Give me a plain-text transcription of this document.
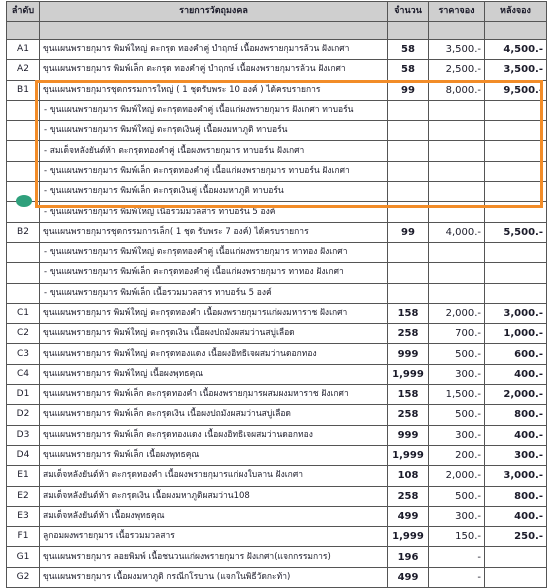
ลำดับ	รายการวัตถุมงคล	จำนวน	ราคาจอง	หลังจอง

A1	ขุนแผนพรายกุมาร พิมพ์ใหญ่ ตะกรุด ทองคำคู่ บำฤกษ์ เนื้อผงพรายกุมารล้วน ฝังเกศา	58	3,500.-	4,500.-
A2	ขุนแผนพรายกุมาร พิมพ์เล็ก ตะกรุด ทองคำคู่ บำฤกษ์ เนื้อผงพรายกุมารล้วน ฝังเกศา	58	2,500.-	3,500.-
B1	ขุนแผนพรายกุมารชุดกรรมการใหญ่ ( 1 ชุดรับพระ 10 องค์ ) ได้ครบรายการ	99	8,000.-	9,500.-
	- ขุนแผนพรายกุมาร พิมพ์ใหญ่ ตะกรุดทองคำคู่ เนื้อแก่ผงพรายกุมาร ฝังเกศา ทาบอร์น			
	- ขุนแผนพรายกุมาร พิมพ์ใหญ่ ตะกรุดเงินคู่ เนื้อผงมหาภูติ ทาบอร์น			
	- สมเด็จหลังยันต์ห้า ตะกรุดทองคำคู่ เนื้อผงพรายกุมาร ทาบอร์น ฝังเกศา			
	- ขุนแผนพรายกุมาร พิมพ์เล็ก ตะกรุดทองคำคู่ เนื้อแก่ผงพรายกุมาร ทาบอร์น ฝังเกศา			
	- ขุนแผนพรายกุมาร พิมพ์เล็ก ตะกรุดเงินคู่ เนื้อผงมหาภูติ ทาบอร์น			
	- ขุนแผนพรายกุมาร พิมพ์ใหญ่ เนื้อรวมมวลสาร ทาบอร์น 5 องค์			
B2	ขุนแผนพรายกุมารชุดกรรมการเล็ก( 1 ชุด รับพระ 7 องค์) ได้ครบรายการ	99	4,000.-	5,500.-
	- ขุนแผนพรายกุมาร พิมพ์ใหญ่ ตะกรุดทองคำคู่ เนื้อแก่ผงพรายกุมาร ทาทอง ฝังเกศา			
	- ขุนแผนพรายกุมาร พิมพ์เล็ก ตะกรุดทองคำคู่ เนื้อแก่ผงพรายกุมาร ทาทอง ฝังเกศา			
	- ขุนแผนพรายกุมาร พิมพ์เล็ก เนื้อรวมมวลสาร ทาบอร์น 5 องค์			
C1	ขุนแผนพรายกุมาร พิมพ์ใหญ่ ตะกรุดทองคำ เนื้อผงพรายกุมารแก่ผงมหาราช ฝังเกศา	158	2,000.-	3,000.-
C2	ขุนแผนพรายกุมาร พิมพ์ใหญ่ ตะกรุดเงิน เนื้อผงปถมังผสมว่านสบู่เลือด	258	700.-	1,000.-
C3	ขุนแผนพรายกุมาร พิมพ์ใหญ่ ตะกรุดทองแดง เนื้อผงอิทธิเจผสมว่านดอกทอง	999	500.-	600.-
C4	ขุนแผนพรายกุมาร พิมพ์ใหญ่ เนื้อผงพุทธคุณ	1,999	300.-	400.-
D1	ขุนแผนพรายกุมาร พิมพ์เล็ก ตะกรุดทองคำ เนื้อผงพรายกุมารผสมผงมหาราช ฝังเกศา	158	1,500.-	2,000.-
D2	ขุนแผนพรายกุมาร พิมพ์เล็ก ตะกรุดเงิน เนื้อผงปถมังผสมว่านสบู่เลือด	258	500.-	800.-
D3	ขุนแผนพรายกุมาร พิมพ์เล็ก ตะกรุดทองแดง เนื้อผงอิทธิเจผสมว่านดอกทอง	999	300.-	400.-
D4	ขุนแผนพรายกุมาร พิมพ์เล็ก เนื้อผงพุทธคุณ	1,999	200.-	300.-
E1	สมเด็จหลังยันต์ห้า ตะกรุดทองคำ เนื้อผงพรายกุมารแก่ผงใบลาน ฝังเกศา	108	2,000.-	3,000.-
E2	สมเด็จหลังยันต์ห้า ตะกรุดเงิน เนื้อผงมหาภูติผสมว่าน108	258	500.-	800.-
E3	สมเด็จหลังยันต์ห้า เนื้อผงพุทธคุณ	499	300.-	400.-
F1	ลูกอมผงพรายกุมาร เนื้อรวมมวลสาร	1,999	150.-	250.-
G1	ขุนแผนพรายกุมาร ลอยพิมพ์ เนื้อชนวนแก่ผงพรายกุมาร ฝังเกศา(แจกกรรมการ)	196	-	
G2	ขุนแผนพรายกุมาร เนื้อผงมหาภูติ กรณีกโรบาน (แจกในพิธีวัดกะท้า)	499	-	
